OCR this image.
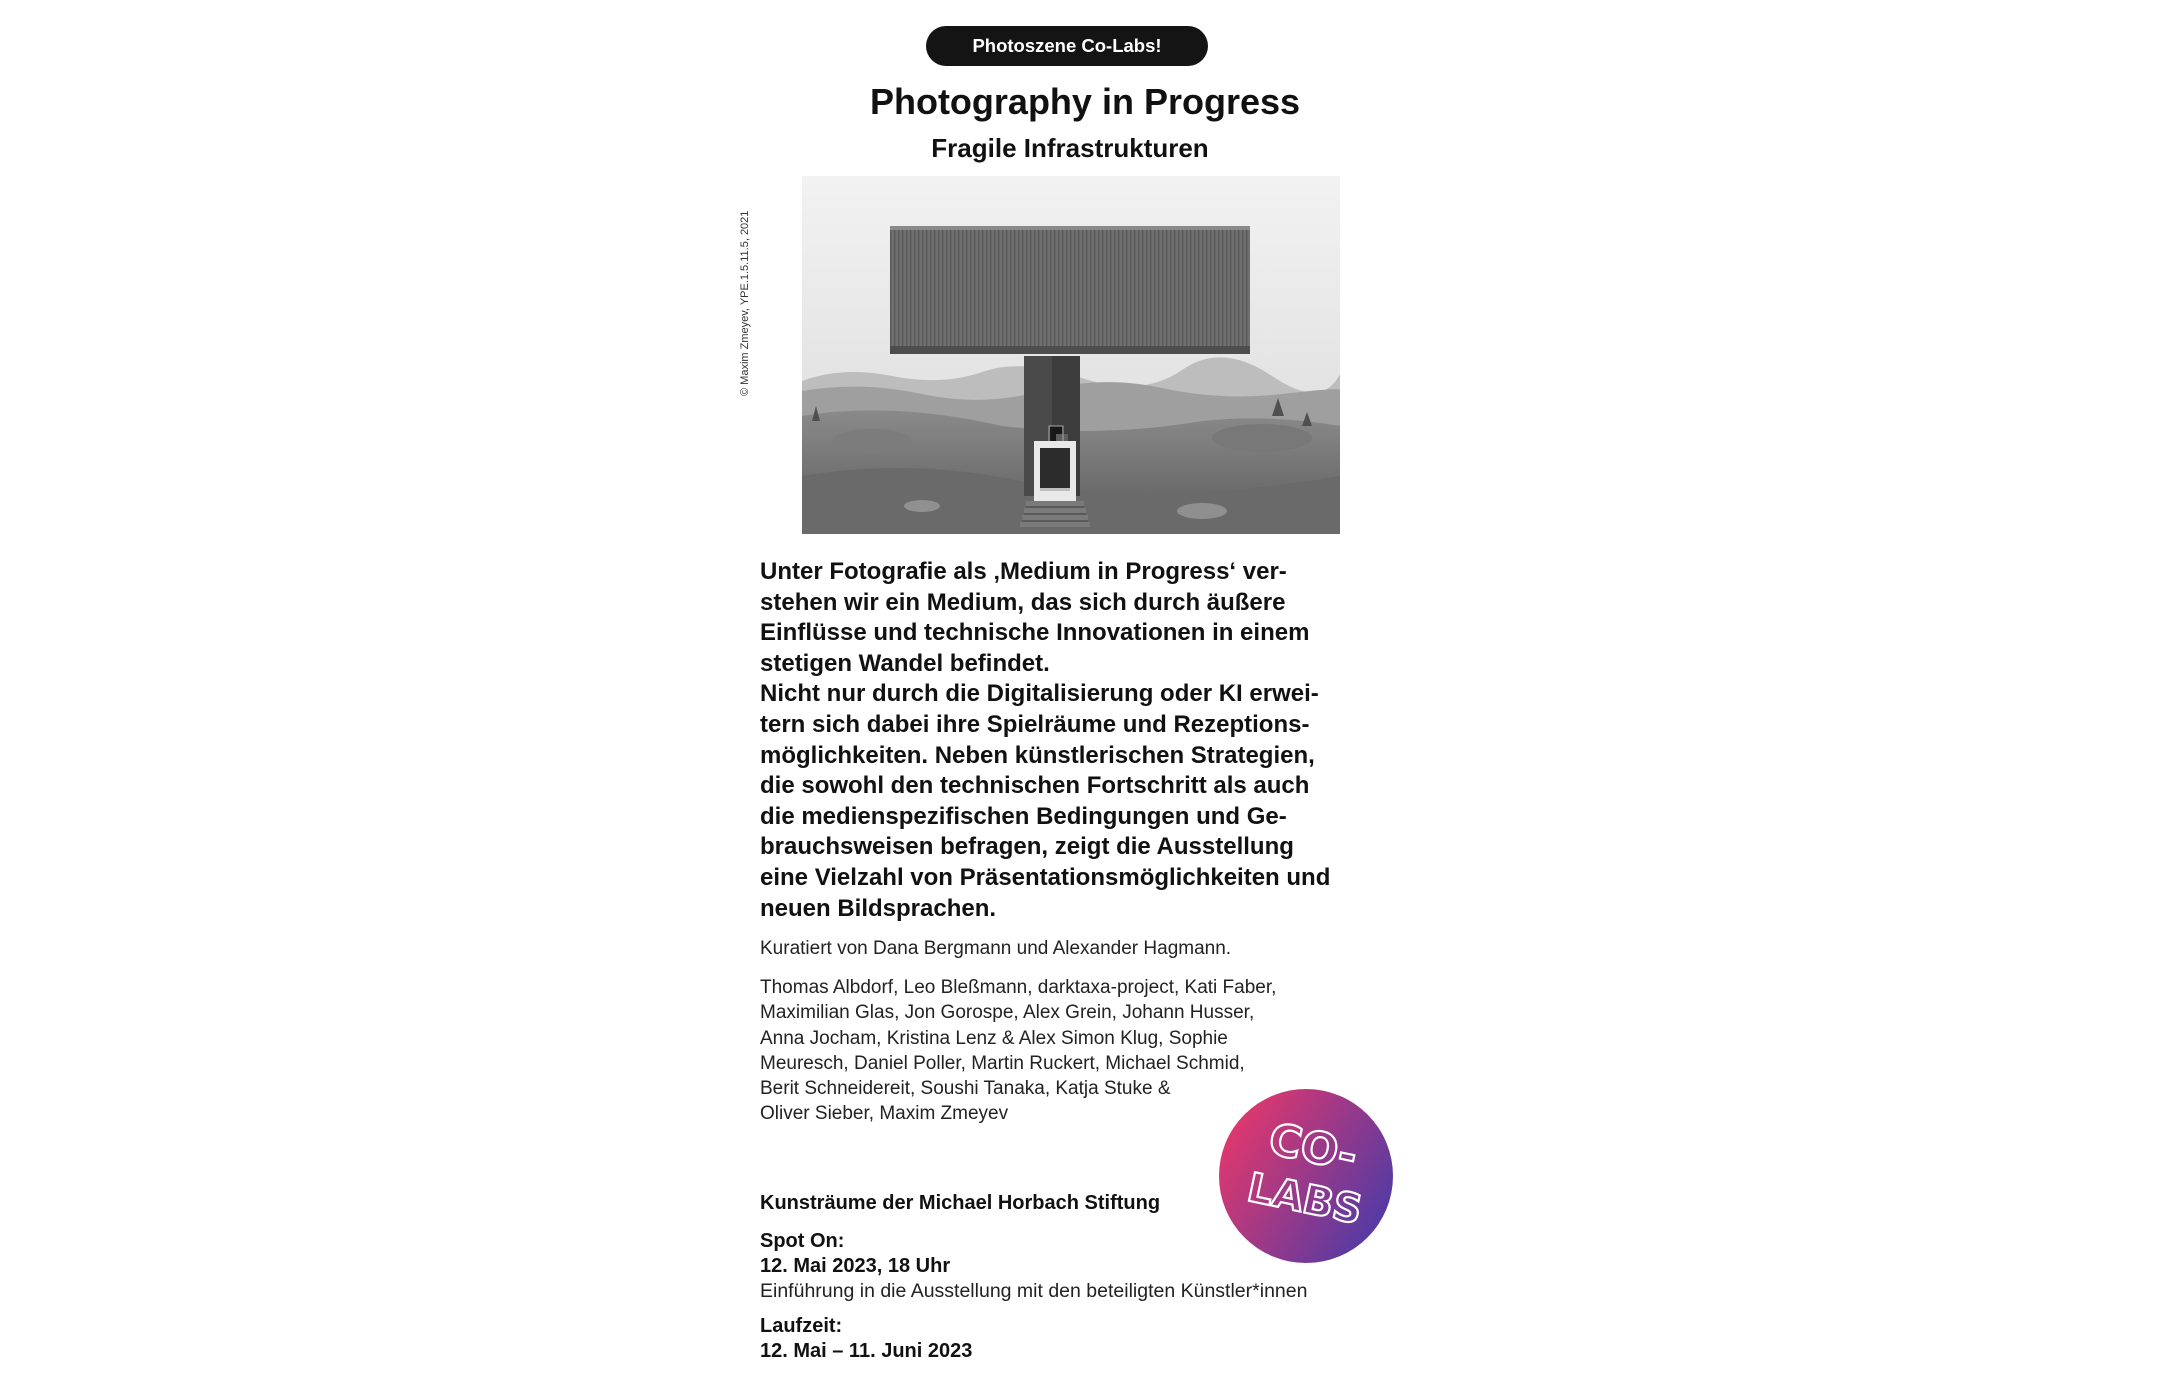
Photoszene Co-Labs!
Photography in Progress
Fragile Infrastrukturen
© Maxim Zmeyev, YPE.1.5.11.5, 2021

Unter Fotografie als ‚Medium in Progress‘ ver-
stehen wir ein Medium, das sich durch äußere
Einflüsse und technische Innovationen in einem
stetigen Wandel befindet.
Nicht nur durch die Digitalisierung oder KI erwei-
tern sich dabei ihre Spielräume und Rezeptions-
möglichkeiten. Neben künstlerischen Strategien,
die sowohl den technischen Fortschritt als auch
die medienspezifischen Bedingungen und Ge-
brauchsweisen befragen, zeigt die Ausstellung
eine Vielzahl von Präsentationsmöglichkeiten und
neuen Bildsprachen.

Kuratiert von Dana Bergmann und Alexander Hagmann.

Thomas Albdorf, Leo Bleßmann, darktaxa-project, Kati Faber,
Maximilian Glas, Jon Gorospe, Alex Grein, Johann Husser,
Anna Jocham, Kristina Lenz & Alex Simon Klug, Sophie
Meuresch, Daniel Poller, Martin Ruckert, Michael Schmid,
Berit Schneidereit, Soushi Tanaka, Katja Stuke &
Oliver Sieber, Maxim Zmeyev	CO-
LABS

Kunsträume der Michael Horbach Stiftung

Spot On:

12. Mai 2023, 18 Uhr

Einführung in die Ausstellung mit den beteiligten Künstler*innen

Laufzeit:

12. Mai – 11. Juni 2023
